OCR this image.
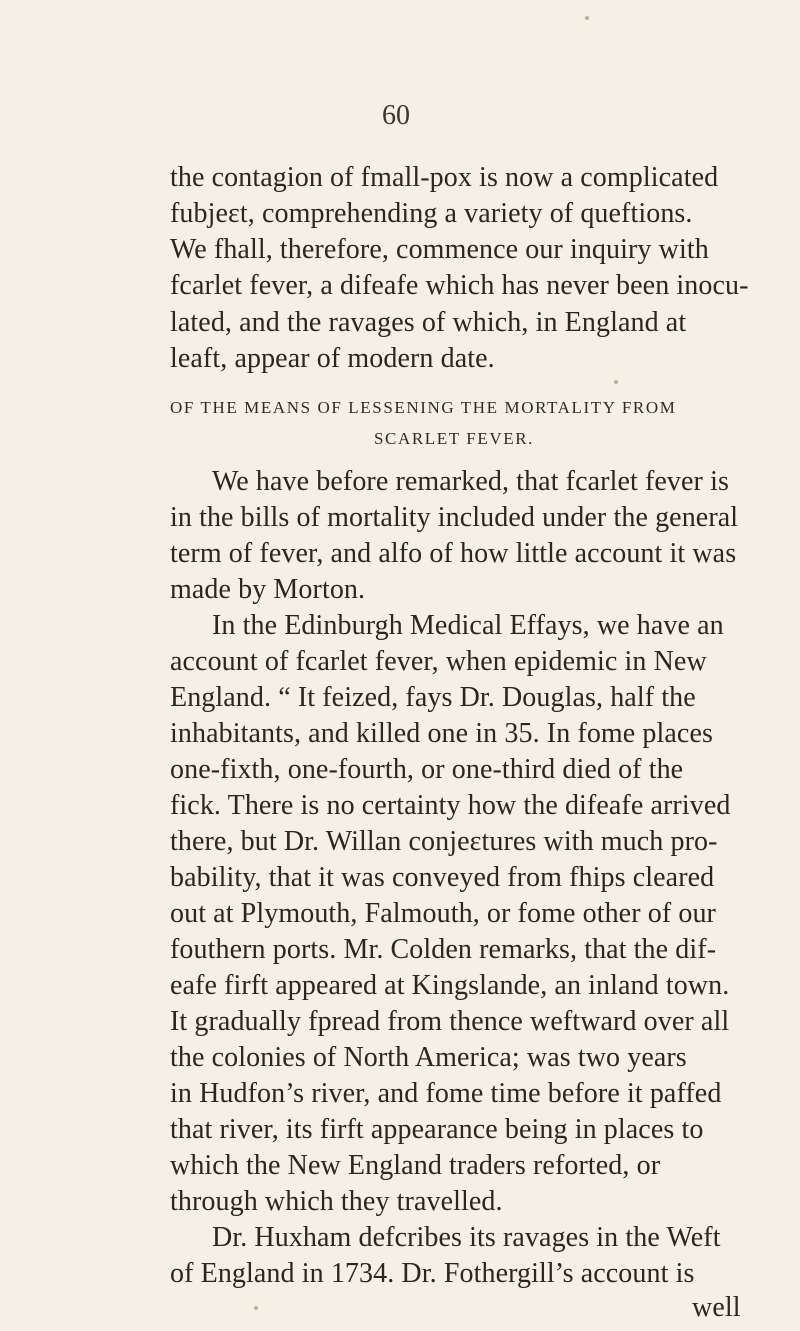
60
the contagion of fmall-pox is now a complicated
fubjeɛt, comprehending a variety of queftions.
We fhall, therefore, commence our inquiry with
fcarlet fever, a difeafe which has never been inocu-
lated, and the ravages of which, in England at
leaft, appear of modern date.
OF THE MEANS OF LESSENING THE MORTALITY FROM
SCARLET FEVER.
We have before remarked, that fcarlet fever is
in the bills of mortality included under the general
term of fever, and alfo of how little account it was
made by Morton.
In the Edinburgh Medical Effays, we have an
account of fcarlet fever, when epidemic in New
England. “ It feized, fays Dr. Douglas, half the
inhabitants, and killed one in 35. In fome places
one-fixth, one-fourth, or one-third died of the
fick. There is no certainty how the difeafe arrived
there, but Dr. Willan conjeɛtures with much pro-
bability, that it was conveyed from fhips cleared
out at Plymouth, Falmouth, or fome other of our
fouthern ports. Mr. Colden remarks, that the dif-
eafe firft appeared at Kingslande, an inland town.
It gradually fpread from thence weftward over all
the colonies of North America; was two years
in Hudfon’s river, and fome time before it paffed
that river, its firft appearance being in places to
which the New England traders reforted, or
through which they travelled.
Dr. Huxham defcribes its ravages in the Weft
of England in 1734. Dr. Fothergill’s account is
well
